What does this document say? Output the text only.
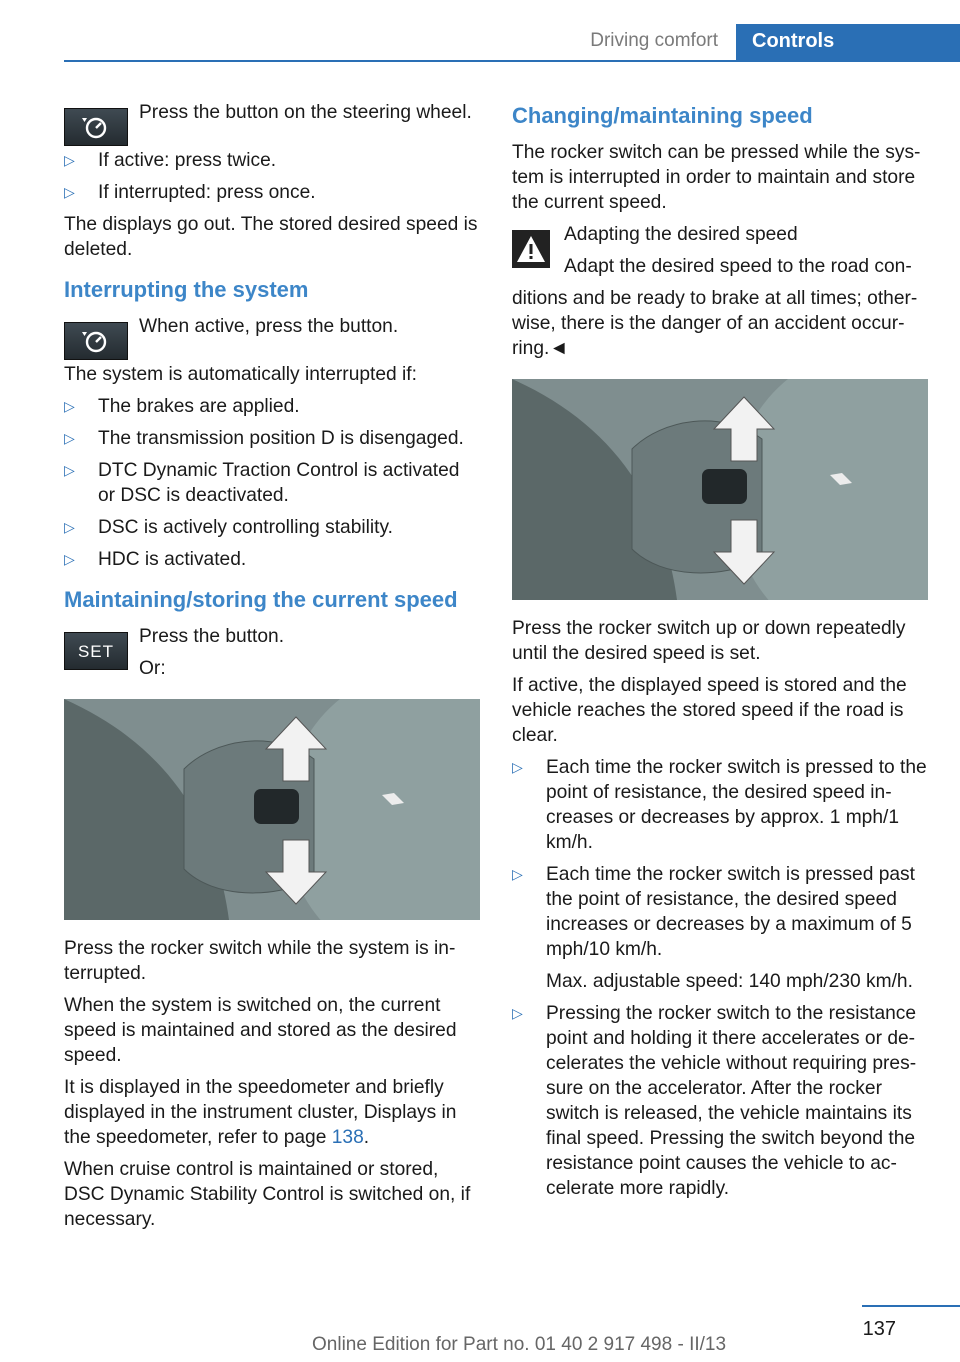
Driving comfort	Controls

Press the button on the steering wheel.

▷ If active: press twice.
▷ If interrupted: press once.

The displays go out. The stored desired speed is deleted.

Interrupting the system

When active, press the button.

The system is automatically interrupted if:

▷ The brakes are applied.
▷ The transmission position D is disengaged.
▷ DTC Dynamic Traction Control is activated or DSC is deactivated.
▷ DSC is actively controlling stability.
▷ HDC is activated.
Maintaining/storing the current speed
SET

Press the button.

Or:

Press the rocker switch while the system is in‐terrupted.

When the system is switched on, the current speed is maintained and stored as the desired speed.

It is displayed in the speedometer and briefly displayed in the instrument cluster, Displays in the speedometer, refer to page 138.

When cruise control is maintained or stored, DSC Dynamic Stability Control is switched on, if necessary.

Changing/maintaining speed

The rocker switch can be pressed while the sys‐tem is interrupted in order to maintain and store the current speed.

Adapting the desired speed

Adapt the desired speed to the road con‐

ditions and be ready to brake at all times; other‐wise, there is the danger of an accident occur‐ring.◄

Press the rocker switch up or down repeatedly until the desired speed is set.

If active, the displayed speed is stored and the vehicle reaches the stored speed if the road is clear.

▷ Each time the rocker switch is pressed to the point of resistance, the desired speed in‐creases or decreases by approx. 1 mph/1 km/h.
▷ Each time the rocker switch is pressed past the point of resistance, the desired speed increases or decreases by a maximum of 5 mph/10 km/h.

Max. adjustable speed: 140 mph/230 km/h.

▷ Pressing the rocker switch to the resistance point and holding it there accelerates or de‐celerates the vehicle without requiring pres‐sure on the accelerator. After the rocker switch is released, the vehicle maintains its final speed. Pressing the switch beyond the resistance point causes the vehicle to ac‐celerate more rapidly.
137
Online Edition for Part no. 01 40 2 917 498 - II/13
